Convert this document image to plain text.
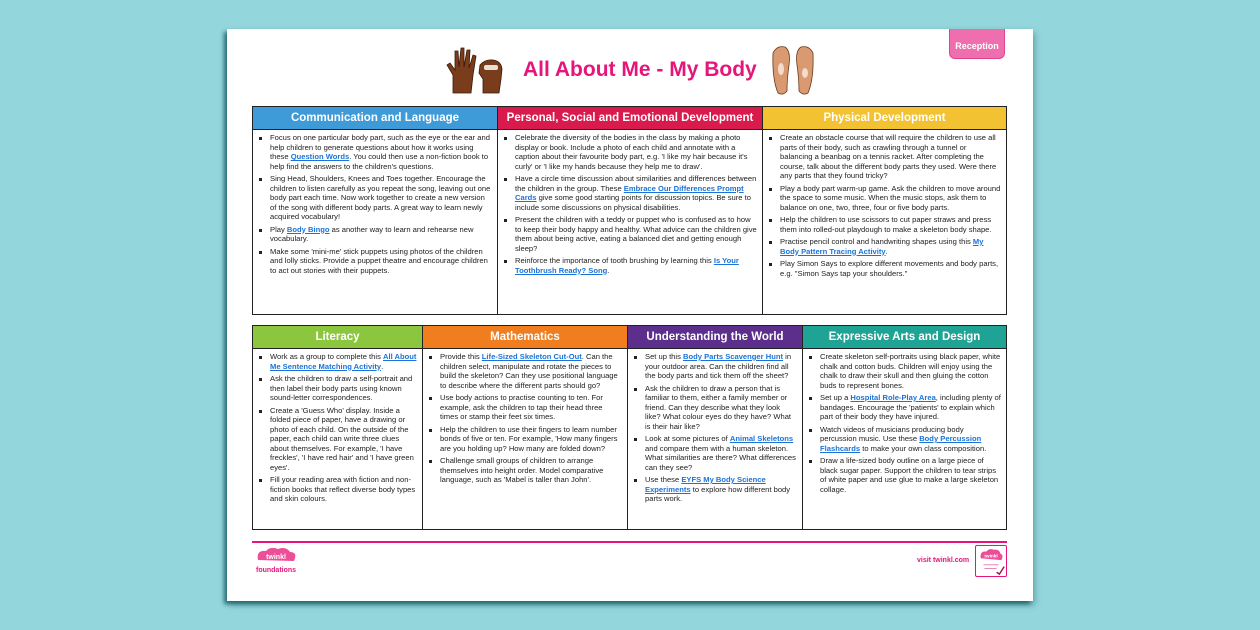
Reception
All About Me - My Body
Communication and Language
Focus on one particular body part, such as the eye or the ear and help children to generate questions about how it works using these Question Words. You could then use a non-fiction book to help find the answers to the children's questions.
Sing Head, Shoulders, Knees and Toes together. Encourage the children to listen carefully as you repeat the song, leaving out one body part each time. Now work together to create a new version of the song with different body parts. A great way to learn newly acquired vocabulary!
Play Body Bingo as another way to learn and rehearse new vocabulary.
Make some 'mini-me' stick puppets using photos of the children and lolly sticks. Provide a puppet theatre and encourage children to act out stories with their puppets.
Personal, Social and Emotional Development
Celebrate the diversity of the bodies in the class by making a photo display or book. Include a photo of each child and annotate with a caption about their favourite body part, e.g. 'I like my hair because it's curly' or 'I like my hands because they help me to draw'.
Have a circle time discussion about similarities and differences between the children in the group. These Embrace Our Differences Prompt Cards give some good starting points for discussion topics. Be sure to include some discussions on physical disabilities.
Present the children with a teddy or puppet who is confused as to how to keep their body happy and healthy. What advice can the children give them about being active, eating a balanced diet and getting enough sleep?
Reinforce the importance of tooth brushing by learning this Is Your Toothbrush Ready? Song.
Physical Development
Create an obstacle course that will require the children to use all parts of their body, such as crawling through a tunnel or balancing a beanbag on a tennis racket. After completing the course, talk about the different body parts they used. Were there any parts that they found tricky?
Play a body part warm-up game. Ask the children to move around the space to some music. When the music stops, ask them to balance on one, two, three, four or five body parts.
Help the children to use scissors to cut paper straws and press them into rolled-out playdough to make a skeleton body shape.
Practise pencil control and handwriting shapes using this My Body Pattern Tracing Activity.
Play Simon Says to explore different movements and body parts, e.g. "Simon Says tap your shoulders."
Literacy
Work as a group to complete this All About Me Sentence Matching Activity.
Ask the children to draw a self-portrait and then label their body parts using known sound-letter correspondences.
Create a 'Guess Who' display. Inside a folded piece of paper, have a drawing or photo of each child. On the outside of the paper, each child can write three clues about themselves. For example, 'I have freckles', 'I have red hair' and 'I have green eyes'.
Fill your reading area with fiction and non-fiction books that reflect diverse body types and skin colours.
Mathematics
Provide this Life-Sized Skeleton Cut-Out. Can the children select, manipulate and rotate the pieces to build the skeleton? Can they use positional language to describe where the different parts should go?
Use body actions to practise counting to ten. For example, ask the children to tap their head three times or stamp their feet six times.
Help the children to use their fingers to learn number bonds of five or ten. For example, 'How many fingers are you holding up? How many are folded down?
Challenge small groups of children to arrange themselves into height order. Model comparative language, such as 'Mabel is taller than John'.
Understanding the World
Set up this Body Parts Scavenger Hunt in your outdoor area. Can the children find all the body parts and tick them off the sheet?
Ask the children to draw a person that is familiar to them, either a family member or friend. Can they describe what they look like? What colour eyes do they have? What is their hair like?
Look at some pictures of Animal Skeletons and compare them with a human skeleton. What similarities are there? What differences can they see?
Use these EYFS My Body Science Experiments to explore how different body parts work.
Expressive Arts and Design
Create skeleton self-portraits using black paper, white chalk and cotton buds. Children will enjoy using the chalk to draw their skull and then gluing the cotton buds to represent bones.
Set up a Hospital Role-Play Area, including plenty of bandages. Encourage the 'patients' to explain which part of their body they have injured.
Watch videos of musicians producing body percussion music. Use these Body Percussion Flashcards to make your own class composition.
Draw a life-sized body outline on a large piece of black sugar paper. Support the children to tear strips of white paper and use glue to make a large skeleton collage.
twinkl
foundations
visit twinkl.com
twinkl
